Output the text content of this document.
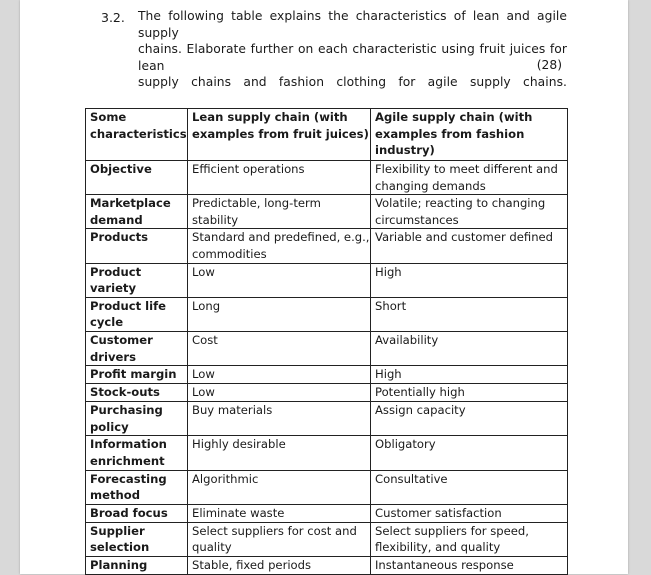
3.2. The following table explains the characteristics of lean and agile supply
chains. Elaborate further on each characteristic using fruit juices for lean
supply chains and fashion clothing for agile supply chains.
(28)
Some characteristics	Lean supply chain (with examples from fruit juices)	Agile supply chain (with examples from fashion industry)
Objective	Efficient operations	Flexibility to meet different and changing demands
Marketplace demand	Predictable, long-term stability	Volatile; reacting to changing circumstances
Products	Standard and predefined, e.g., commodities	Variable and customer defined
Product variety	Low	High
Product life cycle	Long	Short
Customer drivers	Cost	Availability
Profit margin	Low	High
Stock-outs	Low	Potentially high
Purchasing policy	Buy materials	Assign capacity
Information enrichment	Highly desirable	Obligatory
Forecasting method	Algorithmic	Consultative
Broad focus	Eliminate waste	Customer satisfaction
Supplier selection	Select suppliers for cost and quality	Select suppliers for speed, flexibility, and quality
Planning	Stable, fixed periods	Instantaneous response
